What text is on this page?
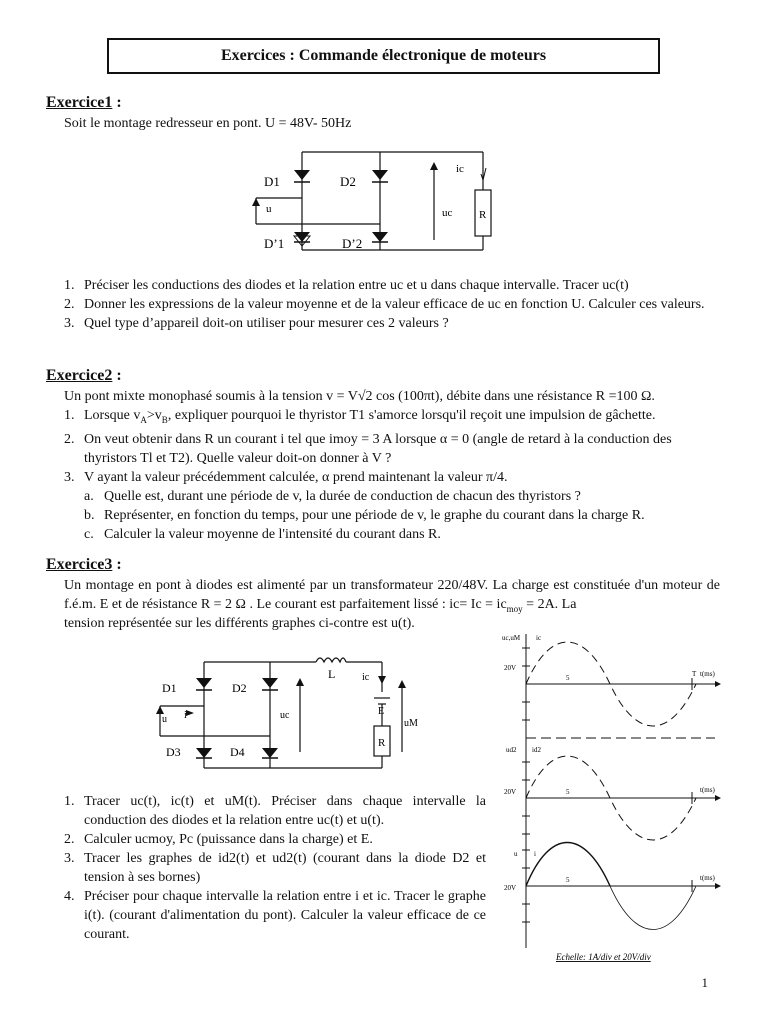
Exercices : Commande électronique de moteurs
Exercice1 :

Soit le montage redresseur en pont. U = 48V- 50Hz

D1	D2
D’1	D’2
u	uc
ic
R
1. Préciser les conductions des diodes et la relation entre uc et u dans chaque intervalle. Tracer uc(t)
2. Donner les expressions de la valeur moyenne et de la valeur efficace de uc en fonction U. Calculer ces valeurs.
3. Quel type d’appareil doit-on utiliser pour mesurer ces 2 valeurs ?
Exercice2 :

Un pont mixte monophasé soumis à la tension v = V√2 cos (100πt), débite dans une résistance R =100 Ω.

1. Lorsque $v_A>v_B$, expliquer pourquoi le thyristor T1 s'amorce lorsqu'il reçoit une impulsion de gâchette.
2. On veut obtenir dans R un courant i tel que imoy = 3 A lorsque α = 0 (angle de retard à la conduction des thyristors Tl et T2). Quelle valeur doit-on donner à V ?
3. V ayant la valeur précédemment calculée, α prend maintenant la valeur π/4.
a. Quelle est, durant une période de v, la durée de conduction de chacun des thyristors ?
b. Représenter, en fonction du temps, pour une période de v, le graphe du courant dans la charge R.
c. Calculer la valeur moyenne de l'intensité du courant dans R.
Exercice3 :

Un montage en pont à diodes est alimenté par un transformateur 220/48V. La charge est constituée d'un moteur de f.é.m. E et de résistance R = 2 Ω . Le courant est parfaitement lissé : $ic= Ic = ic_{moy} = 2A$. La

tension représentée sur les différents graphes ci-contre est u(t).

D1	D2
D3	D4
L	ic
E
R
u i	uc
uM
1. Tracer uc(t), ic(t) et uM(t). Préciser dans chaque intervalle la conduction des diodes et la relation entre uc(t) et u(t).
2. Calculer ucmoy, Pc (puissance dans la charge) et E.
3. Tracer les graphes de id2(t) et ud2(t) (courant dans la diode D2 et tension à ses bornes)
4. Préciser pour chaque intervalle la relation entre i et ic. Tracer le graphe i(t). (courant d'alimentation du pont). Calculer la valeur efficace de ce courant.
uc,uM ic
20V
5	T t(ms)
ud2 id2
20V	5	t(ms)
u i
20V
5	t(ms)
Echelle: 1A/div et 20V/div
1
